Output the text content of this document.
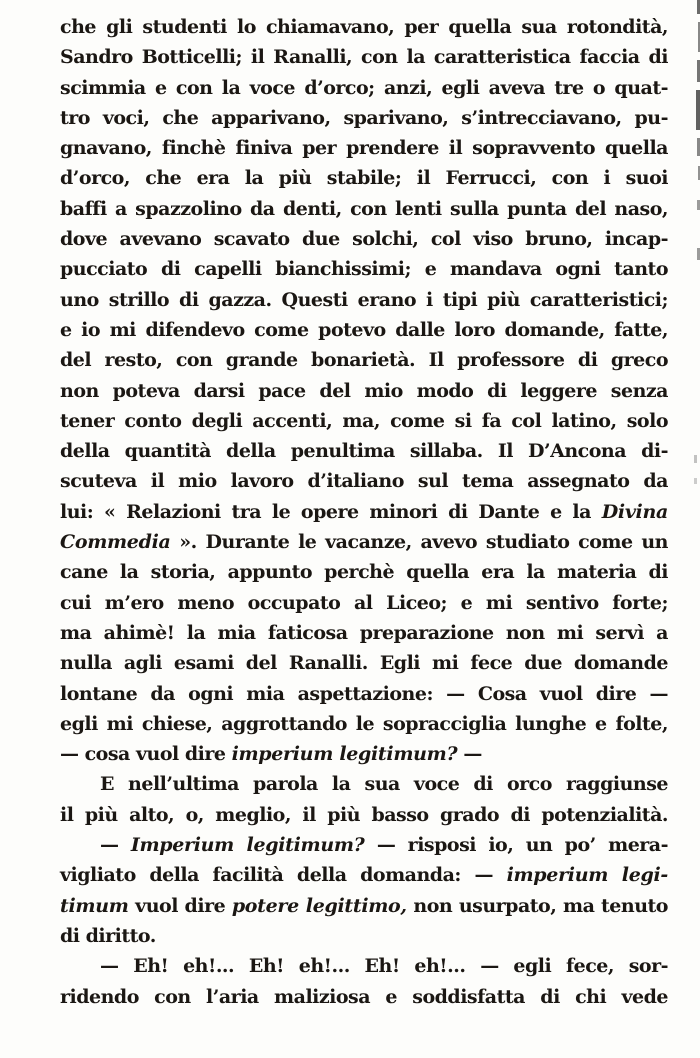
che gli studenti lo chiamavano, per quella sua rotondità,
Sandro Botticelli; il Ranalli, con la caratteristica faccia di
scimmia e con la voce d’orco; anzi, egli aveva tre o quat-
tro voci, che apparivano, sparivano, s’intrecciavano, pu-
gnavano, finchè finiva per prendere il sopravvento quella
d’orco, che era la più stabile; il Ferrucci, con i suoi
baffi a spazzolino da denti, con lenti sulla punta del naso,
dove avevano scavato due solchi, col viso bruno, incap-
pucciato di capelli bianchissimi; e mandava ogni tanto
uno strillo di gazza. Questi erano i tipi più caratteristici;
e io mi difendevo come potevo dalle loro domande, fatte,
del resto, con grande bonarietà. Il professore di greco
non poteva darsi pace del mio modo di leggere senza
tener conto degli accenti, ma, come si fa col latino, solo
della quantità della penultima sillaba. Il D’Ancona di-
scuteva il mio lavoro d’italiano sul tema assegnato da
lui: « Relazioni tra le opere minori di Dante e la Divina
Commedia ». Durante le vacanze, avevo studiato come un
cane la storia, appunto perchè quella era la materia di
cui m’ero meno occupato al Liceo; e mi sentivo forte;
ma ahimè! la mia faticosa preparazione non mi servì a
nulla agli esami del Ranalli. Egli mi fece due domande
lontane da ogni mia aspettazione: — Cosa vuol dire —
egli mi chiese, aggrottando le sopracciglia lunghe e folte,
— cosa vuol dire imperium legitimum? —
E nell’ultima parola la sua voce di orco raggiunse
il più alto, o, meglio, il più basso grado di potenzialità.
— Imperium legitimum? — risposi io, un po’ mera-
vigliato della facilità della domanda: — imperium legi-
timum vuol dire potere legittimo, non usurpato, ma tenuto
di diritto.
— Eh! eh!... Eh! eh!... Eh! eh!... — egli fece, sor-
ridendo con l’aria maliziosa e soddisfatta di chi vede
